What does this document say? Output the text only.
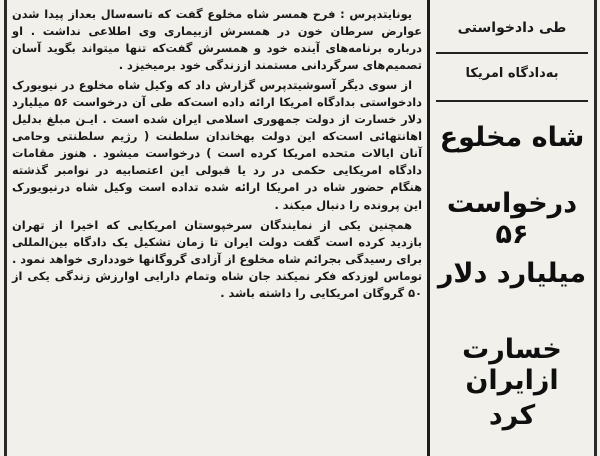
یونایتدپرس : فرح همسر شاه مخلوع گفت که تاسه‌سال بعداز پیدا شدن عوارض سرطان خون در همسرش ازبیماری وی اطلاعی نداشت . او درباره برنامه‌های آینده خود و همسرش گفت‌که تنها میتواند بگوید آسان تصمیم‌های سرگردانی مستمند اززندگی خود برمیخیزد .

از سوی دیگر آسوشیتدپرس گزارش داد که وکیل شاه مخلوع در نیویورک دادخواستی بدادگاه امریکا ارائه داده است‌که طی آن درخواست ۵۶ میلیارد دلار خسارت از دولت جمهوری اسلامی ایران شده است . ایـن مبلغ بدلیل اهانتهائی است‌که این دولت بهخاندان سلطنت ( رژیم سلطنتی وحامی آنان ایالات متحده امریکا کرده است ) درخواست میشود . هنوز مقامات دادگاه امریکایی حکمی در رد یا قبولی این اعتصابیه در نوامبر گذشته هنگام حضور شاه در امریکا ارائه شده تداده است وکیل شاه درنیویورک این پرونده را دنبال میکند .

همچنین یکی از نمایندگان سرخپوستان امریکایی که اخیرا از تهران بازدید کرده است گفت دولت ایران تا زمان تشکیل یک دادگاه بین‌المللی برای رسیدگی بجرائم شاه مخلوع از آزادی گروگانها خودداری خواهد نمود . توماس لوزدکه فکر نمیکند جان شاه وتمام دارایی اوارزش زندگی یکی از ۵۰ گروگان امریکایی را داشته باشد .

طی دادخواستی
به‌دادگاه امریکا
شاه مخلوع
درخواست ۵۶
میلیارد دلار
خسارت ازایران
کرد
